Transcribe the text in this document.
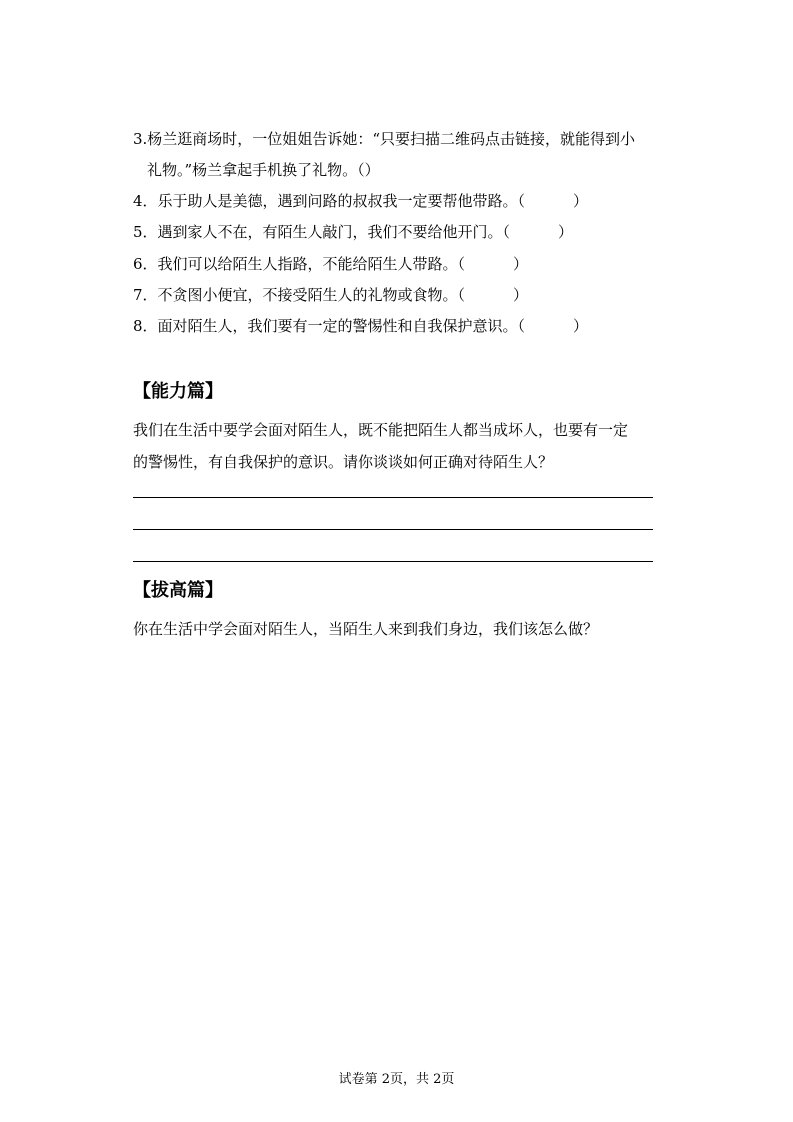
3.杨兰逛商场时，一位姐姐告诉她：“只要扫描二维码点击链接，就能得到小
礼物。”杨兰拿起手机换了礼物。（）
4．乐于助人是美德，遇到问路的叔叔我一定要帮他带路。（	）
5．遇到家人不在，有陌生人敲门，我们不要给他开门。（	）
6．我们可以给陌生人指路，不能给陌生人带路。（	）
7．不贪图小便宜，不接受陌生人的礼物或食物。（	）
8．面对陌生人，我们要有一定的警惕性和自我保护意识。（	）
【能力篇】
我们在生活中要学会面对陌生人，既不能把陌生人都当成坏人，也要有一定
的警惕性，有自我保护的意识。请你谈谈如何正确对待陌生人？
【拔高篇】
你在生活中学会面对陌生人，当陌生人来到我们身边，我们该怎么做？
试卷第 2页，共 2页
